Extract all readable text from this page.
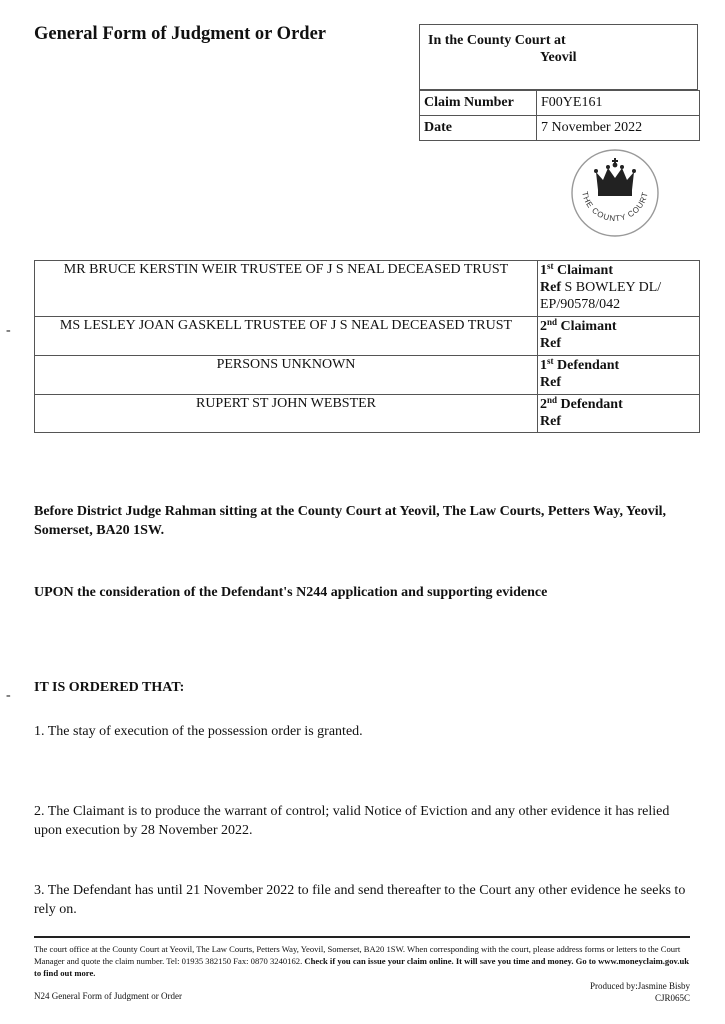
General Form of Judgment or Order	In the County Court at
Yeovil
Claim Number	F00YE161
Date	7 November 2022
THE COUNTY COURT
MR BRUCE KERSTIN WEIR TRUSTEE OF J S NEAL DECEASED TRUST	1st Claimant
Ref S BOWLEY DL/ EP/90578/042
MS LESLEY JOAN GASKELL TRUSTEE OF J S NEAL DECEASED TRUST	2nd Claimant
Ref
PERSONS UNKNOWN	1st Defendant
Ref
RUPERT ST JOHN WEBSTER	2nd Defendant
Ref
-
-
Before District Judge Rahman sitting at the County Court at Yeovil, The Law Courts, Petters Way, Yeovil, Somerset, BA20 1SW.
UPON the consideration of the Defendant's N244 application and supporting evidence
IT IS ORDERED THAT:
1. The stay of execution of the possession order is granted.
2. The Claimant is to produce the warrant of control; valid Notice of Eviction and any other evidence it has relied upon execution by 28 November 2022.
3. The Defendant has until 21 November 2022 to file and send thereafter to the Court any other evidence he seeks to rely on.
The court office at the County Court at Yeovil, The Law Courts, Petters Way, Yeovil, Somerset, BA20 1SW. When corresponding with the court, please address forms or letters to the Court Manager and quote the claim number. Tel: 01935 382150 Fax: 0870 3240162. Check if you can issue your claim online. It will save you time and money. Go to www.moneyclaim.gov.uk to find out more.
Produced by:Jasmine Bisby
CJR065C
N24 General Form of Judgment or Order
